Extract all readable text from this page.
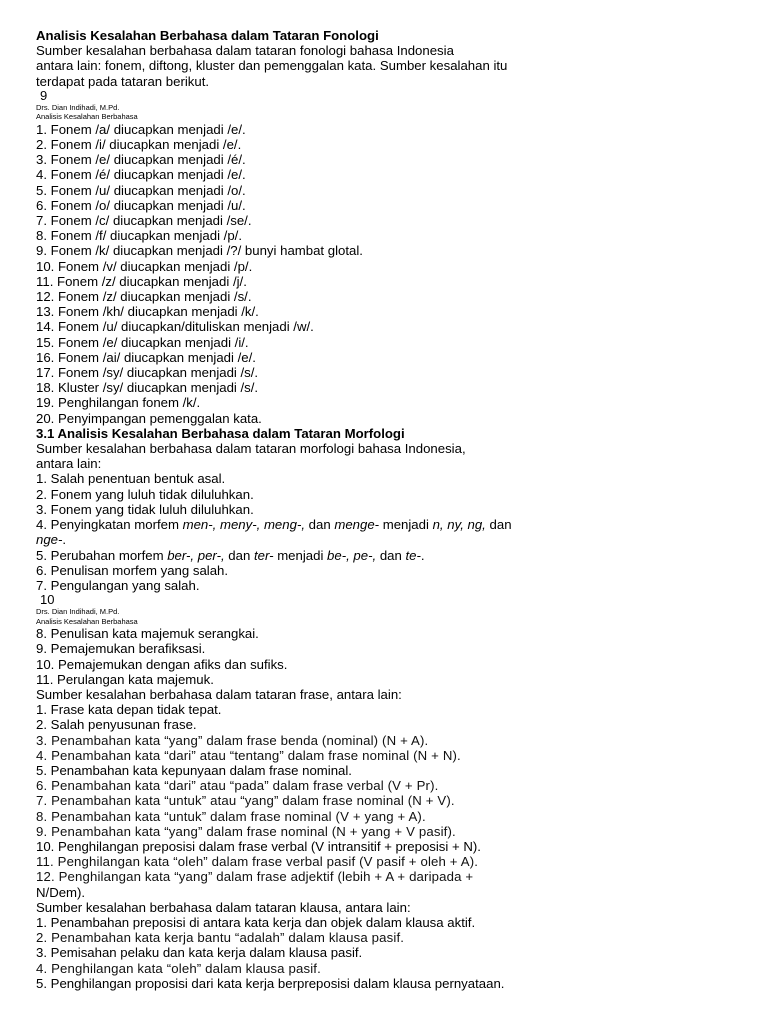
Analisis Kesalahan Berbahasa dalam Tataran Fonologi
Sumber kesalahan berbahasa dalam tataran fonologi bahasa Indonesia
antara lain: fonem, diftong, kluster dan pemenggalan kata. Sumber kesalahan itu
terdapat pada tataran berikut.
9
Drs. Dian Indihadi, M.Pd.
Analisis Kesalahan Berbahasa
1. Fonem /a/ diucapkan menjadi /e/.
2. Fonem /i/ diucapkan menjadi /e/.
3. Fonem /e/ diucapkan menjadi /é/.
4. Fonem /é/ diucapkan menjadi /e/.
5. Fonem /u/ diucapkan menjadi /o/.
6. Fonem /o/ diucapkan menjadi /u/.
7. Fonem /c/ diucapkan menjadi /se/.
8. Fonem /f/ diucapkan menjadi /p/.
9. Fonem /k/ diucapkan menjadi /?/ bunyi hambat glotal.
10. Fonem /v/ diucapkan menjadi /p/.
11. Fonem /z/ diucapkan menjadi /j/.
12. Fonem /z/ diucapkan menjadi /s/.
13. Fonem /kh/ diucapkan menjadi /k/.
14. Fonem /u/ diucapkan/dituliskan menjadi /w/.
15. Fonem /e/ diucapkan menjadi /i/.
16. Fonem /ai/ diucapkan menjadi /e/.
17. Fonem /sy/ diucapkan menjadi /s/.
18. Kluster /sy/ diucapkan menjadi /s/.
19. Penghilangan fonem /k/.
20. Penyimpangan pemenggalan kata.
3.1 Analisis Kesalahan Berbahasa dalam Tataran Morfologi
Sumber kesalahan berbahasa dalam tataran morfologi bahasa Indonesia,
antara lain:
1. Salah penentuan bentuk asal.
2. Fonem yang luluh tidak diluluhkan.
3. Fonem yang tidak luluh diluluhkan.
4. Penyingkatan morfem men-, meny-, meng-, dan menge- menjadi n, ny, ng, dan
nge-.
5. Perubahan morfem ber-, per-, dan ter- menjadi be-, pe-, dan te-.
6. Penulisan morfem yang salah.
7. Pengulangan yang salah.
10
Drs. Dian Indihadi, M.Pd.
Analisis Kesalahan Berbahasa
8. Penulisan kata majemuk serangkai.
9. Pemajemukan berafiksasi.
10. Pemajemukan dengan afiks dan sufiks.
11. Perulangan kata majemuk.
Sumber kesalahan berbahasa dalam tataran frase, antara lain:
1. Frase kata depan tidak tepat.
2. Salah penyusunan frase.
3. Penambahan kata “yang” dalam frase benda (nominal) (N + A).
4. Penambahan kata “dari” atau “tentang” dalam frase nominal (N + N).
5. Penambahan kata kepunyaan dalam frase nominal.
6. Penambahan kata “dari” atau “pada” dalam frase verbal (V + Pr).
7. Penambahan kata “untuk” atau “yang” dalam frase nominal (N + V).
8. Penambahan kata “untuk” dalam frase nominal (V + yang + A).
9. Penambahan kata “yang” dalam frase nominal (N + yang + V pasif).
10. Penghilangan preposisi dalam frase verbal (V intransitif + preposisi + N).
11. Penghilangan kata “oleh” dalam frase verbal pasif (V pasif + oleh + A).
12. Penghilangan kata “yang” dalam frase adjektif (lebih + A + daripada +
N/Dem).
Sumber kesalahan berbahasa dalam tataran klausa, antara lain:
1. Penambahan preposisi di antara kata kerja dan objek dalam klausa aktif.
2. Penambahan kata kerja bantu “adalah” dalam klausa pasif.
3. Pemisahan pelaku dan kata kerja dalam klausa pasif.
4. Penghilangan kata “oleh” dalam klausa pasif.
5. Penghilangan proposisi dari kata kerja berpreposisi dalam klausa pernyataan.
